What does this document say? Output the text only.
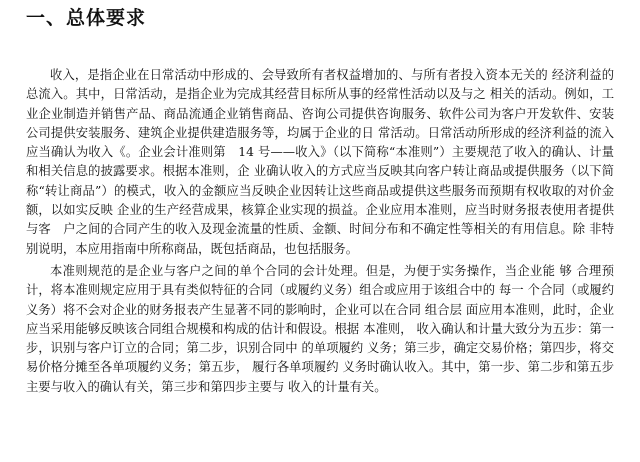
一、总体要求

收入，是指企业在日常活动中形成的、会导致所有者权益增加的、与所有者投入资本无关的 经济利益的总流入。其中，日常活动，是指企业为完成其经营目标所从事的经常性活动以及与之 相关的活动。例如，工业企业制造并销售产品、商品流通企业销售商品、咨询公司提供咨询服务、软件公司为客户开发软件、安装公司提供安装服务、建筑企业提供建造服务等，均属于企业的日 常活动。日常活动所形成的经济利益的流入应当确认为收入《。企业会计准则第　14 号——收入》（以下简称“本准则”）主要规范了收入的确认、计量和相关信息的披露要求。根据本准则，企 业确认收入的方式应当反映其向客户转让商品或提供服务（以下简称“转让商品”）的模式，收入的金额应当反映企业因转让这些商品或提供这些服务而预期有权收取的对价金额，以如实反映 企业的生产经营成果，核算企业实现的损益。企业应用本准则，应当时财务报表使用者提供与客　户之间的合同产生的收入及现金流量的性质、金额、时间分布和不确定性等相关的有用信息。除 非特别说明，本应用指南中所称商品，既包括商品，也包括服务。

本准则规范的是企业与客户之间的单个合同的会计处理。但是，为便于实务操作，当企业能 够 合理预计，将本准则规定应用于具有类似特征的合同（或履约义务）组合或应用于该组合中的 每一 个合同（或履约义务）将不会对企业的财务报表产生显著不同的影响时，企业可以在合同 组合层 面应用本准则，此时，企业应当采用能够反映该合同组合规模和构成的估计和假设。根据 本准则， 收入确认和计量大致分为五步：第一步，识别与客户订立的合同；第二步，识别合同中 的单项履约 义务；第三步，确定交易价格；第四步，将交易价格分摊至各单项履约义务；第五步， 履行各单项履约 义务时确认收入。其中，第一步、第二步和第五步主要与收入的确认有关，第三步和第四步主要与 收入的计量有关。
